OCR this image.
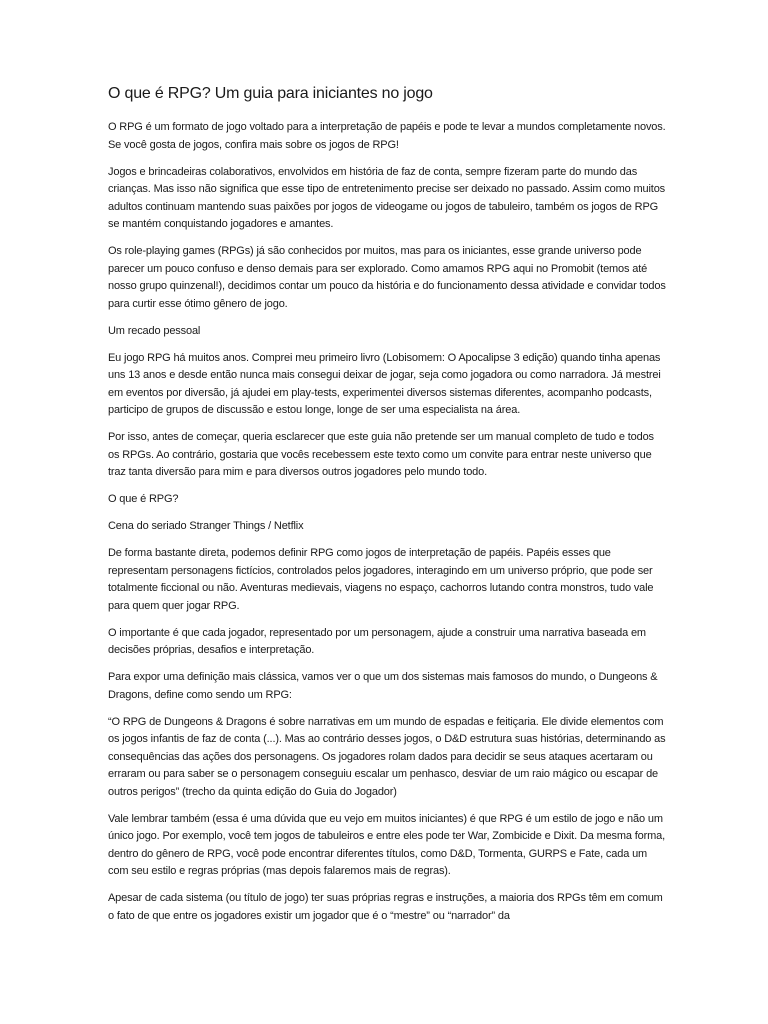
O que é RPG? Um guia para iniciantes no jogo

O RPG é um formato de jogo voltado para a interpretação de papéis e pode te levar a mundos completamente novos. Se você gosta de jogos, confira mais sobre os jogos de RPG!

Jogos e brincadeiras colaborativos, envolvidos em história de faz de conta, sempre fizeram parte do mundo das crianças. Mas isso não significa que esse tipo de entretenimento precise ser deixado no passado. Assim como muitos adultos continuam mantendo suas paixões por jogos de videogame ou jogos de tabuleiro, também os jogos de RPG se mantém conquistando jogadores e amantes.

Os role-playing games (RPGs) já são conhecidos por muitos, mas para os iniciantes, esse grande universo pode parecer um pouco confuso e denso demais para ser explorado. Como amamos RPG aqui no Promobit (temos até nosso grupo quinzenal!), decidimos contar um pouco da história e do funcionamento dessa atividade e convidar todos para curtir esse ótimo gênero de jogo.

Um recado pessoal

Eu jogo RPG há muitos anos. Comprei meu primeiro livro (Lobisomem: O Apocalipse 3 edição) quando tinha apenas uns 13 anos e desde então nunca mais consegui deixar de jogar, seja como jogadora ou como narradora. Já mestrei em eventos por diversão, já ajudei em play-tests, experimentei diversos sistemas diferentes, acompanho podcasts, participo de grupos de discussão e estou longe, longe de ser uma especialista na área.

Por isso, antes de começar, queria esclarecer que este guia não pretende ser um manual completo de tudo e todos os RPGs. Ao contrário, gostaria que vocês recebessem este texto como um convite para entrar neste universo que traz tanta diversão para mim e para diversos outros jogadores pelo mundo todo.

O que é RPG?

Cena do seriado Stranger Things / Netflix

De forma bastante direta, podemos definir RPG como jogos de interpretação de papéis. Papéis esses que representam personagens fictícios, controlados pelos jogadores, interagindo em um universo próprio, que pode ser totalmente ficcional ou não. Aventuras medievais, viagens no espaço, cachorros lutando contra monstros, tudo vale para quem quer jogar RPG.

O importante é que cada jogador, representado por um personagem, ajude a construir uma narrativa baseada em decisões próprias, desafios e interpretação.

Para expor uma definição mais clássica, vamos ver o que um dos sistemas mais famosos do mundo, o Dungeons & Dragons, define como sendo um RPG:

“O RPG de Dungeons & Dragons é sobre narrativas em um mundo de espadas e feitiçaria. Ele divide elementos com os jogos infantis de faz de conta (...). Mas ao contrário desses jogos, o D&D estrutura suas histórias, determinando as consequências das ações dos personagens. Os jogadores rolam dados para decidir se seus ataques acertaram ou erraram ou para saber se o personagem conseguiu escalar um penhasco, desviar de um raio mágico ou escapar de outros perigos” (trecho da quinta edição do Guia do Jogador)

Vale lembrar também (essa é uma dúvida que eu vejo em muitos iniciantes) é que RPG é um estilo de jogo e não um único jogo. Por exemplo, você tem jogos de tabuleiros e entre eles pode ter War, Zombicide e Dixit. Da mesma forma, dentro do gênero de RPG, você pode encontrar diferentes títulos, como D&D, Tormenta, GURPS e Fate, cada um com seu estilo e regras próprias (mas depois falaremos mais de regras).

Apesar de cada sistema (ou título de jogo) ter suas próprias regras e instruções, a maioria dos RPGs têm em comum o fato de que entre os jogadores existir um jogador que é o “mestre” ou “narrador” da
